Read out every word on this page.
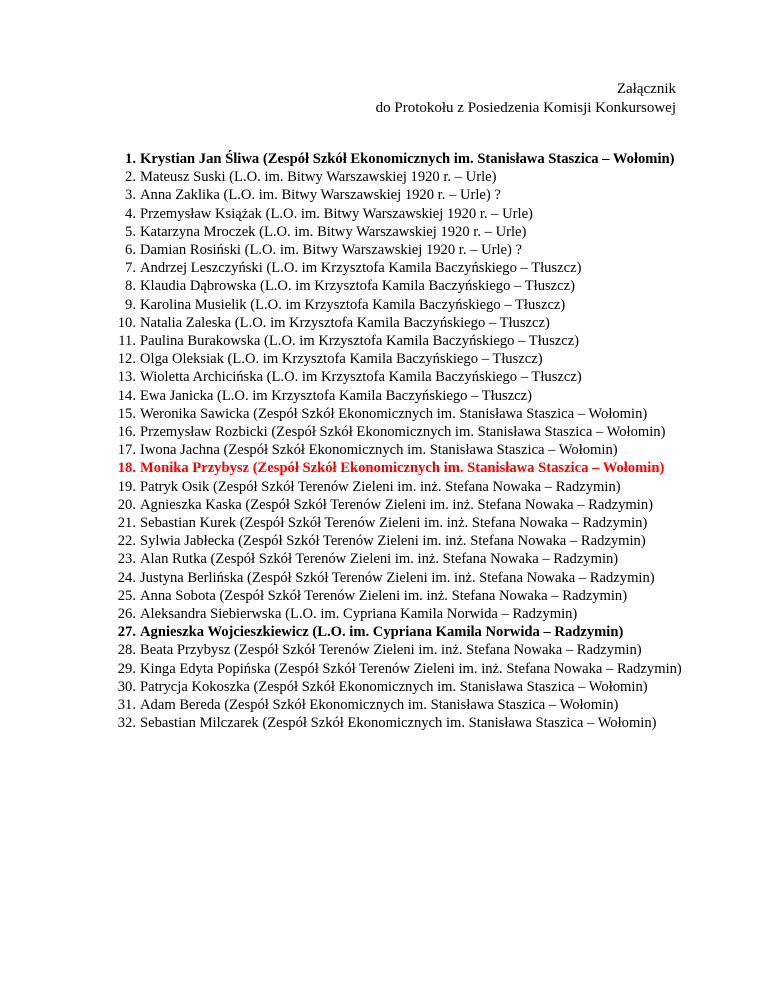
Załącznik
do Protokołu z Posiedzenia Komisji Konkursowej
1. Krystian Jan Śliwa (Zespół Szkół Ekonomicznych im. Stanisława Staszica – Wołomin)
2. Mateusz Suski (L.O. im. Bitwy Warszawskiej 1920 r. – Urle)
3. Anna Zaklika (L.O. im. Bitwy Warszawskiej 1920 r. – Urle) ?
4. Przemysław Książak (L.O. im. Bitwy Warszawskiej 1920 r. – Urle)
5. Katarzyna Mroczek (L.O. im. Bitwy Warszawskiej 1920 r. – Urle)
6. Damian Rosiński (L.O. im. Bitwy Warszawskiej 1920 r. – Urle) ?
7. Andrzej Leszczyński (L.O. im Krzysztofa Kamila Baczyńskiego – Tłuszcz)
8. Klaudia Dąbrowska (L.O. im Krzysztofa Kamila Baczyńskiego – Tłuszcz)
9. Karolina Musielik (L.O. im Krzysztofa Kamila Baczyńskiego – Tłuszcz)
10. Natalia Zaleska (L.O. im Krzysztofa Kamila Baczyńskiego – Tłuszcz)
11. Paulina Burakowska (L.O. im Krzysztofa Kamila Baczyńskiego – Tłuszcz)
12. Olga Oleksiak (L.O. im Krzysztofa Kamila Baczyńskiego – Tłuszcz)
13. Wioletta Archicińska (L.O. im Krzysztofa Kamila Baczyńskiego – Tłuszcz)
14. Ewa Janicka (L.O. im Krzysztofa Kamila Baczyńskiego – Tłuszcz)
15. Weronika Sawicka (Zespół Szkół Ekonomicznych im. Stanisława Staszica – Wołomin)
16. Przemysław Rozbicki (Zespół Szkół Ekonomicznych im. Stanisława Staszica – Wołomin)
17. Iwona Jachna (Zespół Szkół Ekonomicznych im. Stanisława Staszica – Wołomin)
18. Monika Przybysz (Zespół Szkół Ekonomicznych im. Stanisława Staszica – Wołomin)
19. Patryk Osik (Zespół Szkół Terenów Zieleni im. inż. Stefana Nowaka – Radzymin)
20. Agnieszka Kaska (Zespół Szkół Terenów Zieleni im. inż. Stefana Nowaka – Radzymin)
21. Sebastian Kurek (Zespół Szkół Terenów Zieleni im. inż. Stefana Nowaka – Radzymin)
22. Sylwia Jabłecka (Zespół Szkół Terenów Zieleni im. inż. Stefana Nowaka – Radzymin)
23. Alan Rutka (Zespół Szkół Terenów Zieleni im. inż. Stefana Nowaka – Radzymin)
24. Justyna Berlińska (Zespół Szkół Terenów Zieleni im. inż. Stefana Nowaka – Radzymin)
25. Anna Sobota (Zespół Szkół Terenów Zieleni im. inż. Stefana Nowaka – Radzymin)
26. Aleksandra Siebierwska (L.O. im. Cypriana Kamila Norwida – Radzymin)
27. Agnieszka Wojcieszkiewicz (L.O. im. Cypriana Kamila Norwida – Radzymin)
28. Beata Przybysz (Zespół Szkół Terenów Zieleni im. inż. Stefana Nowaka – Radzymin)
29. Kinga Edyta Popińska (Zespół Szkół Terenów Zieleni im. inż. Stefana Nowaka – Radzymin)
30. Patrycja Kokoszka (Zespół Szkół Ekonomicznych im. Stanisława Staszica – Wołomin)
31. Adam Bereda (Zespół Szkół Ekonomicznych im. Stanisława Staszica – Wołomin)
32. Sebastian Milczarek (Zespół Szkół Ekonomicznych im. Stanisława Staszica – Wołomin)
